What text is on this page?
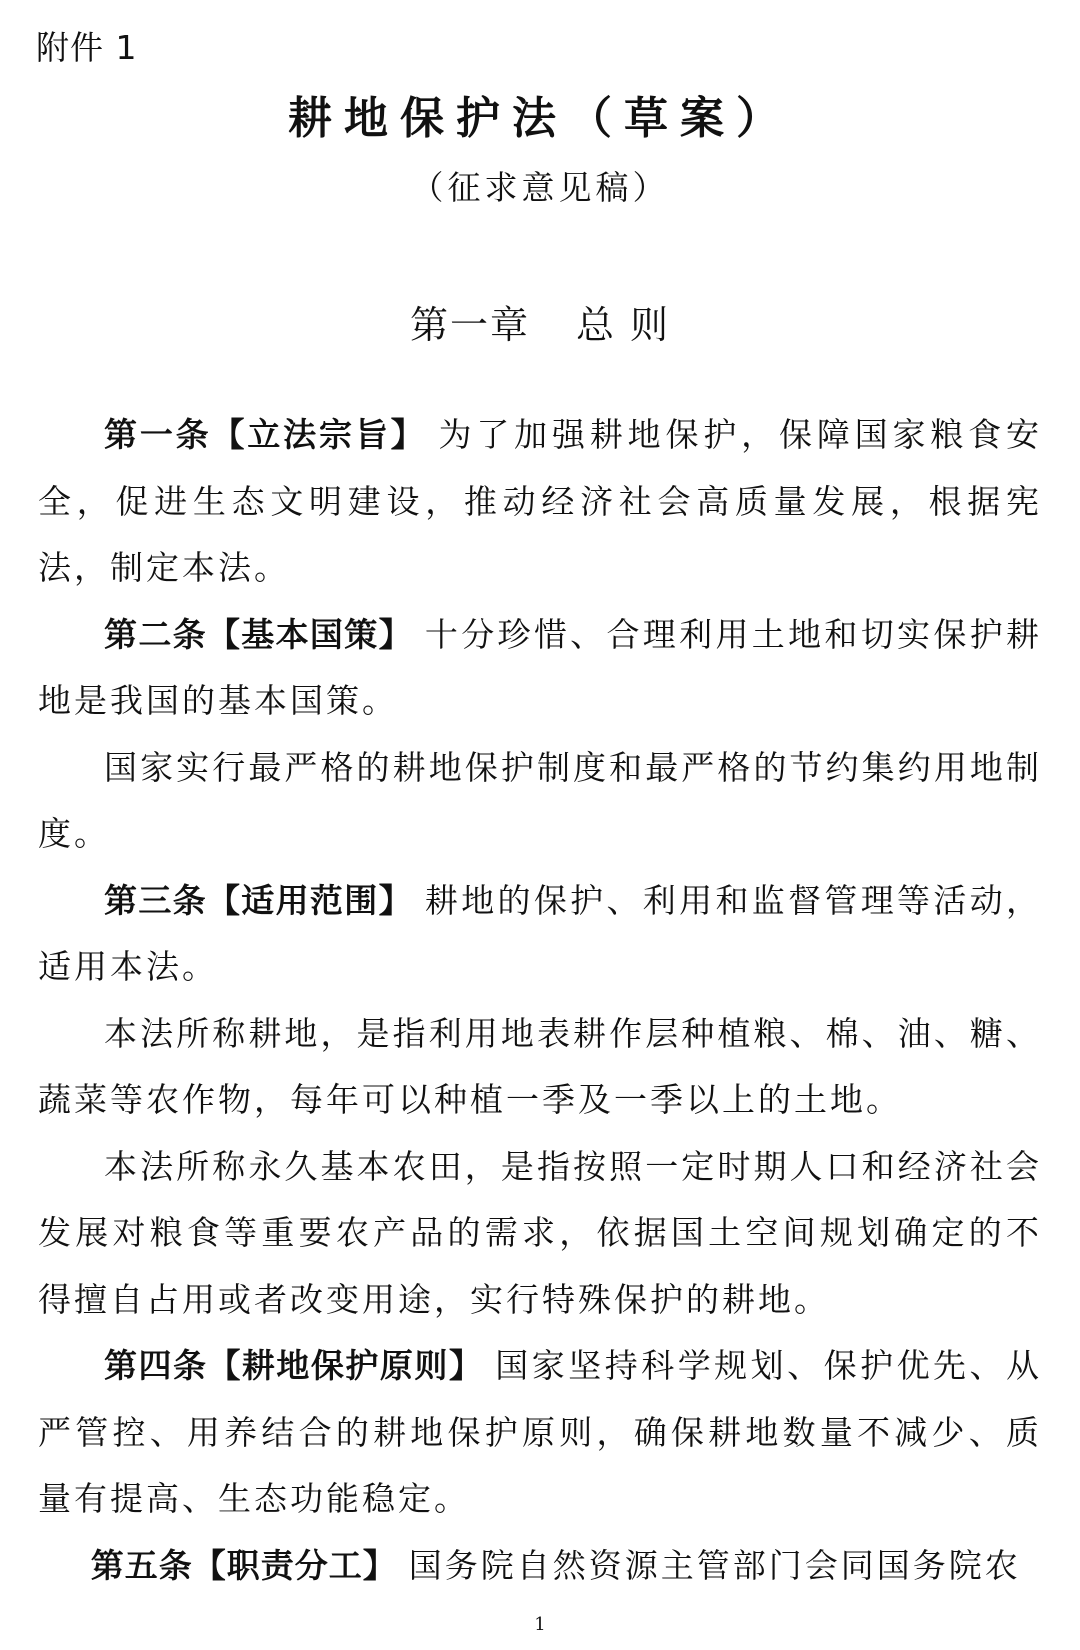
附件 1
耕地保护法（草案）
（征求意见稿）
第一章 总 则

第一条【立法宗旨】 为了加强耕地保护，保障国家粮食安全，促进生态文明建设，推动经济社会高质量发展，根据宪法，制定本法。

第二条【基本国策】 十分珍惜、合理利用土地和切实保护耕地是我国的基本国策。

国家实行最严格的耕地保护制度和最严格的节约集约用地制度。

第三条【适用范围】 耕地的保护、利用和监督管理等活动，适用本法。

本法所称耕地，是指利用地表耕作层种植粮、棉、油、糖、蔬菜等农作物，每年可以种植一季及一季以上的土地。

本法所称永久基本农田，是指按照一定时期人口和经济社会发展对粮食等重要农产品的需求，依据国土空间规划确定的不得擅自占用或者改变用途，实行特殊保护的耕地。

第四条【耕地保护原则】 国家坚持科学规划、保护优先、从严管控、用养结合的耕地保护原则，确保耕地数量不减少、质量有提高、生态功能稳定。

第五条【职责分工】 国务院自然资源主管部门会同国务院农

1
